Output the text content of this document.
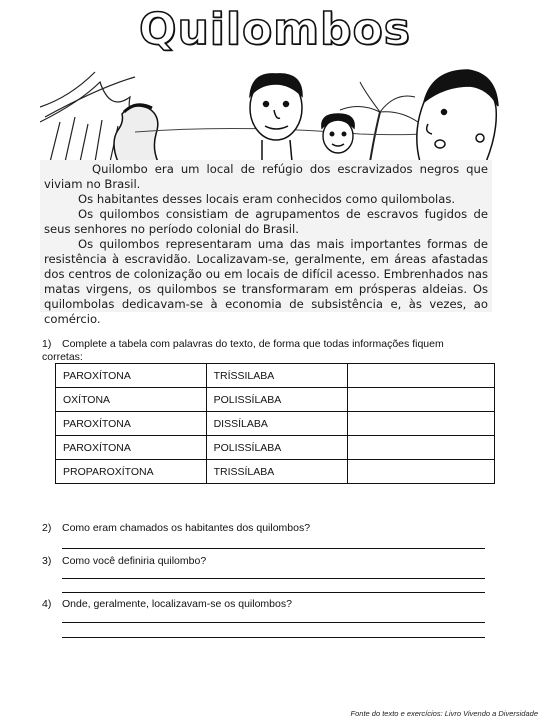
Quilombos

Quilombo era um local de refúgio dos escravizados negros que viviam no Brasil.

Os habitantes desses locais eram conhecidos como quilombolas.

Os quilombos consistiam de agrupamentos de escravos fugidos de seus senhores no período colonial do Brasil.

Os quilombos representaram uma das mais importantes formas de resistência à escravidão. Localizavam-se, geralmente, em áreas afastadas dos centros de colonização ou em locais de difícil acesso. Embrenhados nas matas virgens, os quilombos se transformaram em prósperas aldeias. Os quilombolas dedicavam-se à economia de subsistência e, às vezes, ao comércio.

1) Complete a tabela com palavras do texto, de forma que todas informações fiquem corretas:
PAROXÍTONA	TRÍSSILABA	
OXÍTONA	POLISSÍLABA	
PAROXÍTONA	DISSÍLABA	
PAROXÍTONA	POLISSÍLABA	
PROPAROXÍTONA	TRISSÍLABA	
2) Como eram chamados os habitantes dos quilombos?
3) Como você definiria quilombo?
4) Onde, geralmente, localizavam-se os quilombos?
Fonte do texto e exercícios: Livro Vivendo a Diversidade
